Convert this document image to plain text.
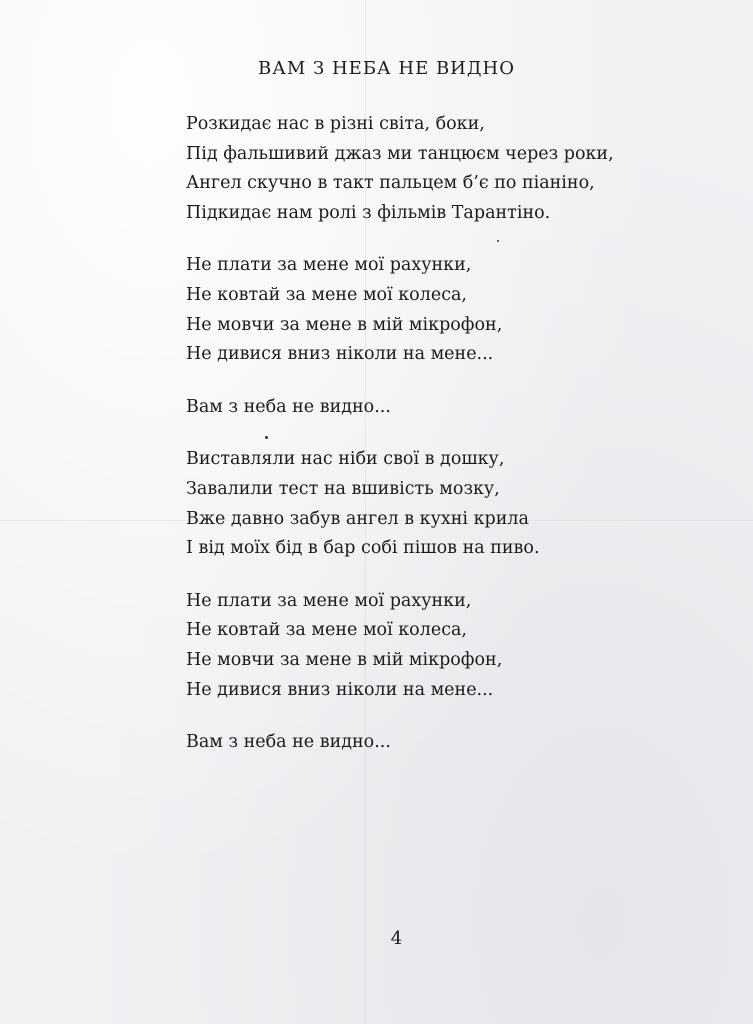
ВАМ З НЕБА НЕ ВИДНО
Розкидає нас в різні світа, боки,
Під фальшивий джаз ми танцюєм через роки,
Ангел скучно в такт пальцем б’є по піаніно,
Підкидає нам ролі з фільмів Тарантіно.
Не плати за мене мої рахунки,
Не ковтай за мене мої колеса,
Не мовчи за мене в мій мікрофон,
Не дивися вниз ніколи на мене...
Вам з неба не видно...
Виставляли нас ніби свої в дошку,
Завалили тест на вшивість мозку,
Вже давно забув ангел в кухні крила
І від моїх бід в бар собі пішов на пиво.
Не плати за мене мої рахунки,
Не ковтай за мене мої колеса,
Не мовчи за мене в мій мікрофон,
Не дивися вниз ніколи на мене...
Вам з неба не видно...
4
